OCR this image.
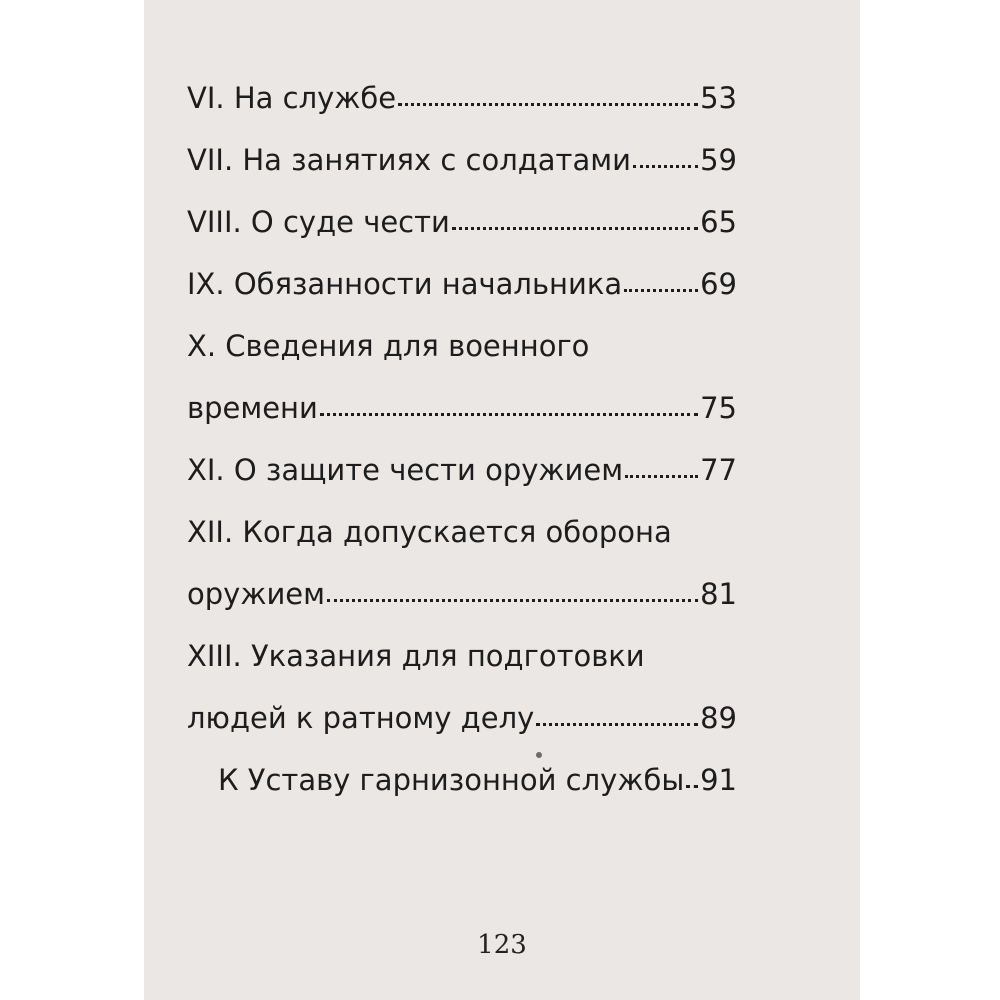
VI. На службе	53
VII. На занятиях с солдатами 59
VIII. О суде чести	65
IX. Обязанности начальника	69
X. Сведения для военного
времени	75
XI. О защите чести оружием	77
XII. Когда допускается оборона
оружием	81
XIII. Указания для подготовки
людей к ратному делу	89
К Уставу гарнизонной службы 91
123
